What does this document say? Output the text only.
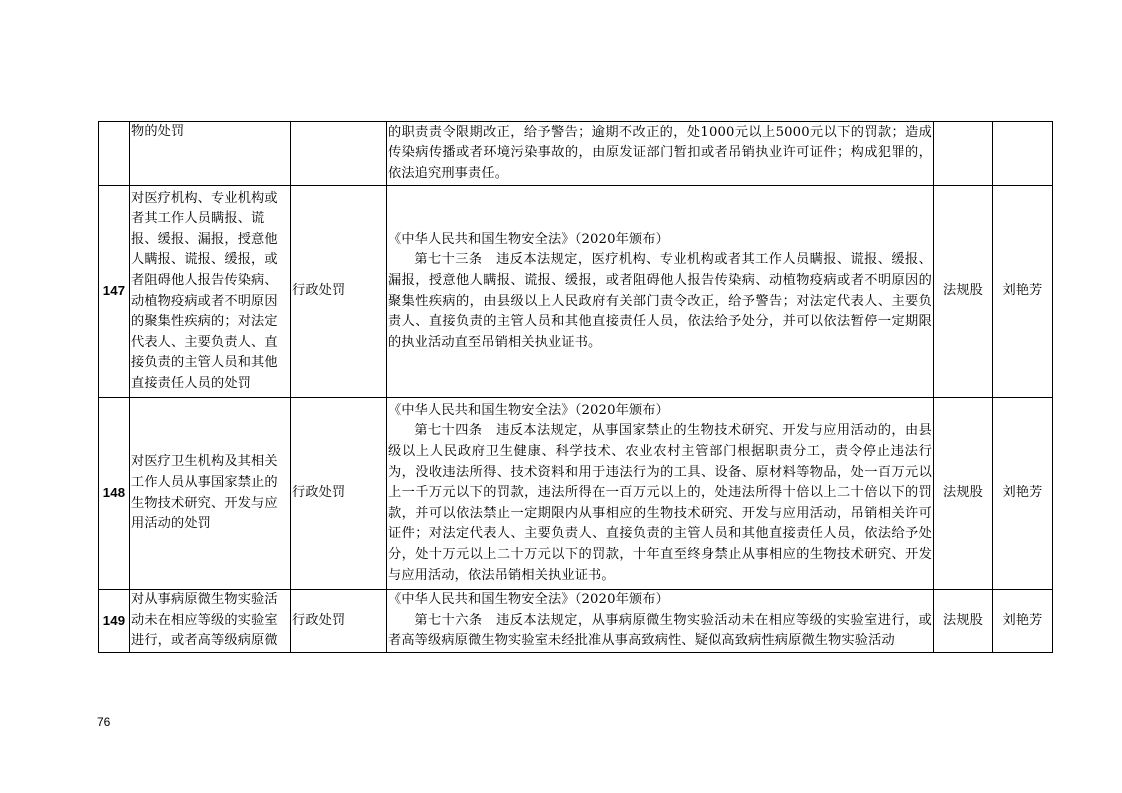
	物的处罚		的职责责令限期改正，给予警告；逾期不改正的，处1000元以上5000元以下的罚款；造成传染病传播或者环境污染事故的，由原发证部门暂扣或者吊销执业许可证件；构成犯罪的，依法追究刑事责任。		
147	对医疗机构、专业机构或者其工作人员瞒报、谎报、缓报、漏报，授意他人瞒报、谎报、缓报，或者阻碍他人报告传染病、动植物疫病或者不明原因的聚集性疾病的；对法定代表人、主要负责人、直接负责的主管人员和其他直接责任人员的处罚	行政处罚	《中华人民共和国生物安全法》（2020年颁布）
第七十三条　违反本法规定，医疗机构、专业机构或者其工作人员瞒报、谎报、缓报、漏报，授意他人瞒报、谎报、缓报，或者阻碍他人报告传染病、动植物疫病或者不明原因的聚集性疾病的，由县级以上人民政府有关部门责令改正，给予警告；对法定代表人、主要负责人、直接负责的主管人员和其他直接责任人员，依法给予处分，并可以依法暂停一定期限的执业活动直至吊销相关执业证书。	法规股	刘艳芳
148	对医疗卫生机构及其相关工作人员从事国家禁止的生物技术研究、开发与应用活动的处罚	行政处罚	《中华人民共和国生物安全法》（2020年颁布）
第七十四条　违反本法规定，从事国家禁止的生物技术研究、开发与应用活动的，由县级以上人民政府卫生健康、科学技术、农业农村主管部门根据职责分工，责令停止违法行为，没收违法所得、技术资料和用于违法行为的工具、设备、原材料等物品，处一百万元以上一千万元以下的罚款，违法所得在一百万元以上的，处违法所得十倍以上二十倍以下的罚款，并可以依法禁止一定期限内从事相应的生物技术研究、开发与应用活动，吊销相关许可证件；对法定代表人、主要负责人、直接负责的主管人员和其他直接责任人员，依法给予处分，处十万元以上二十万元以下的罚款，十年直至终身禁止从事相应的生物技术研究、开发与应用活动，依法吊销相关执业证书。	法规股	刘艳芳
149	对从事病原微生物实验活动未在相应等级的实验室进行，或者高等级病原微	行政处罚	《中华人民共和国生物安全法》（2020年颁布）
第七十六条　违反本法规定，从事病原微生物实验活动未在相应等级的实验室进行，或者高等级病原微生物实验室未经批准从事高致病性、疑似高致病性病原微生物实验活动	法规股	刘艳芳
76
